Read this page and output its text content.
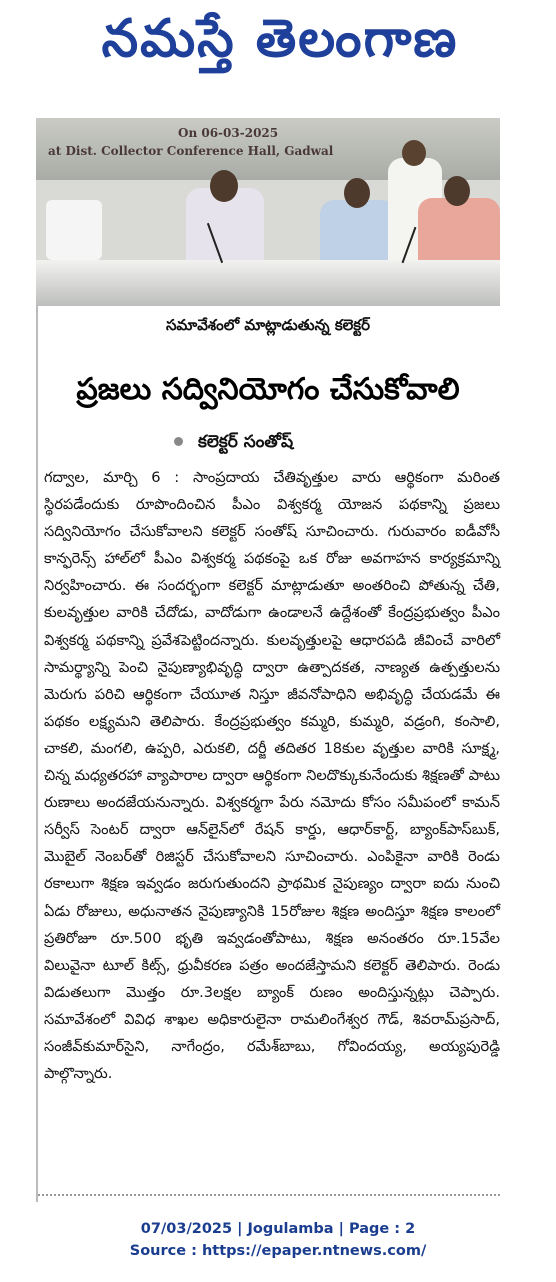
నమస్తే తెలంగాణ
On 06-03-2025
at Dist. Collector Conference Hall, Gadwal
సమావేశంలో మాట్లాడుతున్న కలెక్టర్
ప్రజలు సద్వినియోగం చేసుకోవాలి
కలెక్టర్ సంతోష్

గద్వాల, మార్చి 6 : సాంప్రదాయ చేతివృత్తుల వారు ఆర్థికంగా మరింత స్థిరపడేందుకు రూపొందించిన పీఎం విశ్వకర్మ యోజన పథకాన్ని ప్రజలు సద్వినియోగం చేసుకోవాలని కలెక్టర్ సంతోష్ సూచించారు. గురువారం ఐడీవోసీ కాన్ఫరెన్స్ హాల్‌లో పీఎం విశ్వకర్మ పథకంపై ఒక రోజు అవగాహన కార్యక్రమాన్ని నిర్వహించారు. ఈ సందర్భంగా కలెక్టర్ మాట్లాడుతూ అంతరించి పోతున్న చేతి, కులవృత్తుల వారికి చేదోడు, వాదోడుగా ఉండాలనే ఉద్దేశంతో కేంద్రప్రభుత్వం పీఎం విశ్వకర్మ పథకాన్ని ప్రవేశపెట్టిందన్నారు. కులవృత్తులపై ఆధారపడి జీవించే వారిలో సామర్థ్యాన్ని పెంచి నైపుణ్యాభివృద్ధి ద్వారా ఉత్పాదకత, నాణ్యత ఉత్పత్తులను మెరుగు పరిచి ఆర్థికంగా చేయూత నిస్తూ జీవనోపాధిని అభివృద్ధి చేయడమే ఈ పథకం లక్ష్యమని తెలిపారు. కేంద్రప్రభుత్వం కమ్మరి, కుమ్మరి, వడ్రంగి, కంసాలి, చాకలి, మంగలి, ఉప్పరి, ఎరుకలి, దర్జీ తదితర 18కుల వృత్తుల వారికి సూక్ష్మ, చిన్న మధ్యతరహా వ్యాపారాల ద్వారా ఆర్థికంగా నిలదొక్కుకునేందుకు శిక్షణతో పాటు రుణాలు అందజేయనున్నారు. విశ్వకర్మగా పేరు నమోదు కోసం సమీపంలో కామన్ సర్వీస్ సెంటర్ ద్వారా ఆన్‌లైన్‌లో రేషన్ కార్డు, ఆధార్‌కార్ట్, బ్యాంక్‌పాస్‌బుక్, మొబైల్ నెంబర్‌తో రిజిస్టర్ చేసుకోవాలని సూచించారు. ఎంపికైనా వారికి రెండు రకాలుగా శిక్షణ ఇవ్వడం జరుగుతుందని ప్రాథమిక నైపుణ్యం ద్వారా ఐదు నుంచి ఏడు రోజులు, అధునాతన నైపుణ్యానికి 15రోజుల శిక్షణ అందిస్తూ శిక్షణ కాలంలో ప్రతిరోజూ రూ.500 భృతి ఇవ్వడంతోపాటు, శిక్షణ అనంతరం రూ.15వేల విలువైనా టూల్ కిట్స్, ధ్రువీకరణ పత్రం అందజేస్తామని కలెక్టర్ తెలిపారు. రెండు విడుతలుగా మొత్తం రూ.3లక్షల బ్యాంక్ రుణం అందిస్తున్నట్లు చెప్పారు. సమావేశంలో వివిధ శాఖల అధికారులైనా రామలింగేశ్వర గౌడ్, శివరామ్‌ప్రసాద్, సంజీవ్‌కుమార్‌సైని, నాగేంద్రం, రమేశ్‌బాబు, గోవిందయ్య, అయ్యపురెడ్డి పాల్గొన్నారు.

07/03/2025 | Jogulamba | Page : 2
Source : https://epaper.ntnews.com/
